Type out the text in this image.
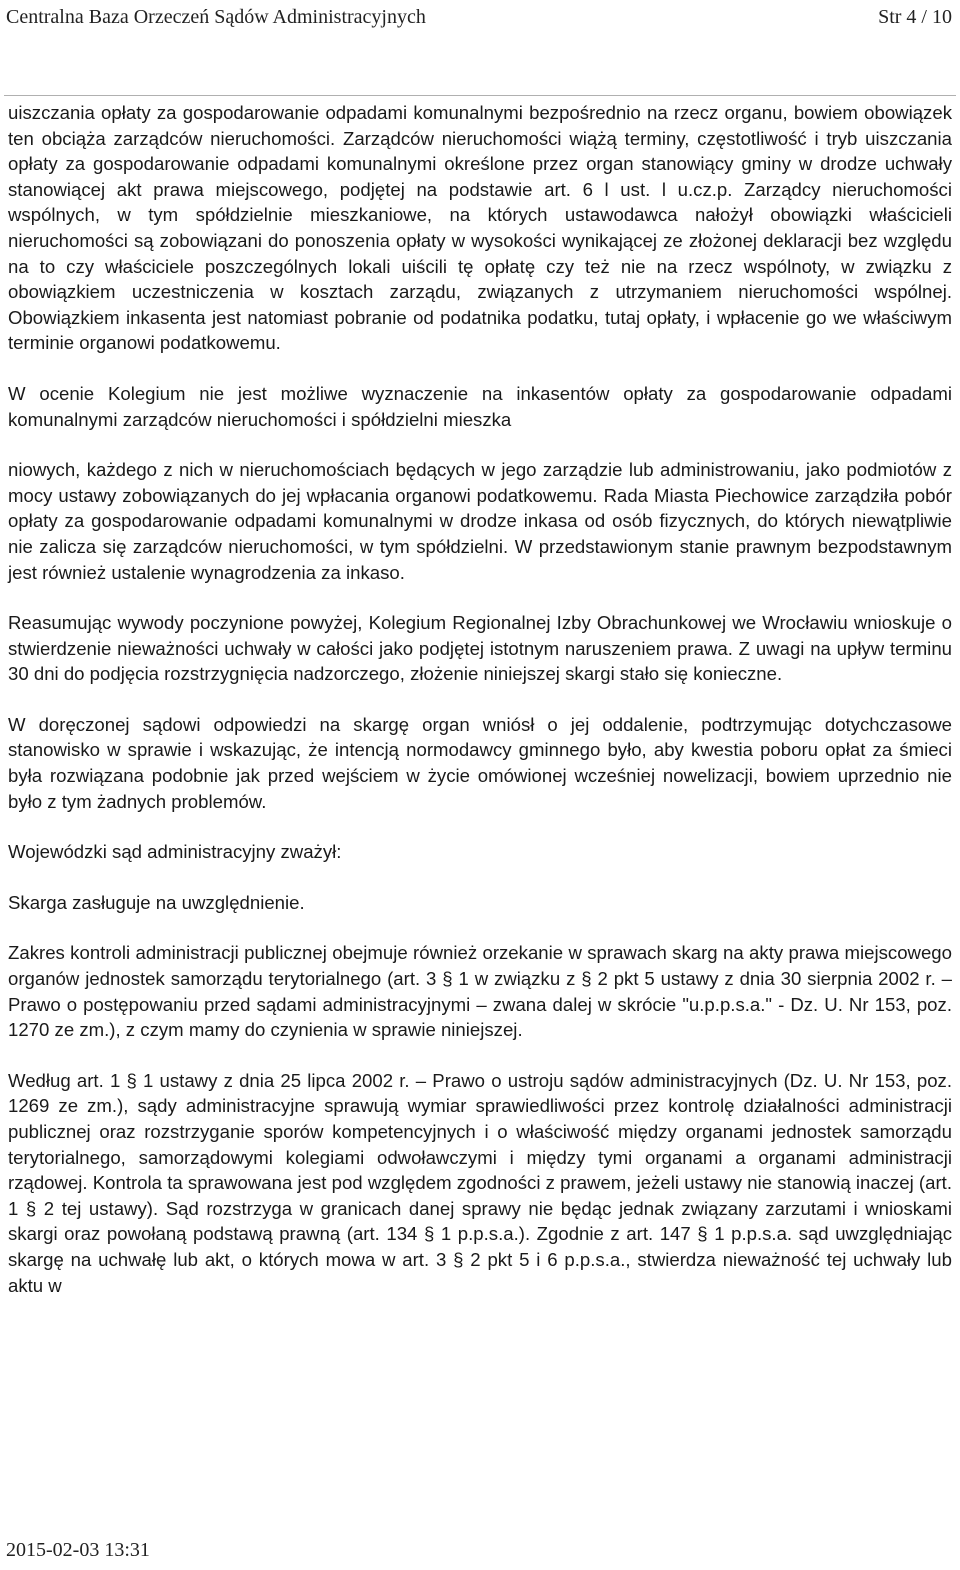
Centralna Baza Orzeczeń Sądów Administracyjnych	Str 4 / 10

uiszczania opłaty za gospodarowanie odpadami komunalnymi bezpośrednio na rzecz organu, bowiem obowiązek ten obciąża zarządców nieruchomości. Zarządców nieruchomości wiążą terminy, częstotliwość i tryb uiszczania opłaty za gospodarowanie odpadami komunalnymi określone przez organ stanowiący gminy w drodze uchwały stanowiącej akt prawa miejscowego, podjętej na podstawie art. 6 l ust. l u.cz.p. Zarządcy nieruchomości wspólnych, w tym spółdzielnie mieszkaniowe, na których ustawodawca nałożył obowiązki właścicieli nieruchomości są zobowiązani do ponoszenia opłaty w wysokości wynikającej ze złożonej deklaracji bez względu na to czy właściciele poszczególnych lokali uiścili tę opłatę czy też nie na rzecz wspólnoty, w związku z obowiązkiem uczestniczenia w kosztach zarządu, związanych z utrzymaniem nieruchomości wspólnej. Obowiązkiem inkasenta jest natomiast pobranie od podatnika podatku, tutaj opłaty, i wpłacenie go we właściwym terminie organowi podatkowemu.

W ocenie Kolegium nie jest możliwe wyznaczenie na inkasentów opłaty za gospodarowanie odpadami komunalnymi zarządców nieruchomości i spółdzielni mieszka

niowych, każdego z nich w nieruchomościach będących w jego zarządzie lub administrowaniu, jako podmiotów z mocy ustawy zobowiązanych do jej wpłacania organowi podatkowemu. Rada Miasta Piechowice zarządziła pobór opłaty za gospodarowanie odpadami komunalnymi w drodze inkasa od osób fizycznych, do których niewątpliwie nie zalicza się zarządców nieruchomości, w tym spółdzielni. W przedstawionym stanie prawnym bezpodstawnym jest również ustalenie wynagrodzenia za inkaso.

Reasumując wywody poczynione powyżej, Kolegium Regionalnej Izby Obrachunkowej we Wrocławiu wnioskuje o stwierdzenie nieważności uchwały w całości jako podjętej istotnym naruszeniem prawa. Z uwagi na upływ terminu 30 dni do podjęcia rozstrzygnięcia nadzorczego, złożenie niniejszej skargi stało się konieczne.

W doręczonej sądowi odpowiedzi na skargę organ wniósł o jej oddalenie, podtrzymując dotychczasowe stanowisko w sprawie i wskazując, że intencją normodawcy gminnego było, aby kwestia poboru opłat za śmieci była rozwiązana podobnie jak przed wejściem w życie omówionej wcześniej nowelizacji, bowiem uprzednio nie było z tym żadnych problemów.

Wojewódzki sąd administracyjny zważył:

Skarga zasługuje na uwzględnienie.

Zakres kontroli administracji publicznej obejmuje również orzekanie w sprawach skarg na akty prawa miejscowego organów jednostek samorządu terytorialnego (art. 3 § 1 w związku z § 2 pkt 5 ustawy z dnia 30 sierpnia 2002 r. – Prawo o postępowaniu przed sądami administracyjnymi – zwana dalej w skrócie "u.p.p.s.a." - Dz. U. Nr 153, poz. 1270 ze zm.), z czym mamy do czynienia w sprawie niniejszej.

Według art. 1 § 1 ustawy z dnia 25 lipca 2002 r. – Prawo o ustroju sądów administracyjnych (Dz. U. Nr 153, poz. 1269 ze zm.), sądy administracyjne sprawują wymiar sprawiedliwości przez kontrolę działalności administracji publicznej oraz rozstrzyganie sporów kompetencyjnych i o właściwość między organami jednostek samorządu terytorialnego, samorządowymi kolegiami odwoławczymi i między tymi organami a organami administracji rządowej. Kontrola ta sprawowana jest pod względem zgodności z prawem, jeżeli ustawy nie stanowią inaczej (art. 1 § 2 tej ustawy). Sąd rozstrzyga w granicach danej sprawy nie będąc jednak związany zarzutami i wnioskami skargi oraz powołaną podstawą prawną (art. 134 § 1 p.p.s.a.). Zgodnie z art. 147 § 1 p.p.s.a. sąd uwzględniając skargę na uchwałę lub akt, o których mowa w art. 3 § 2 pkt 5 i 6 p.p.s.a., stwierdza nieważność tej uchwały lub aktu w

2015-02-03 13:31
